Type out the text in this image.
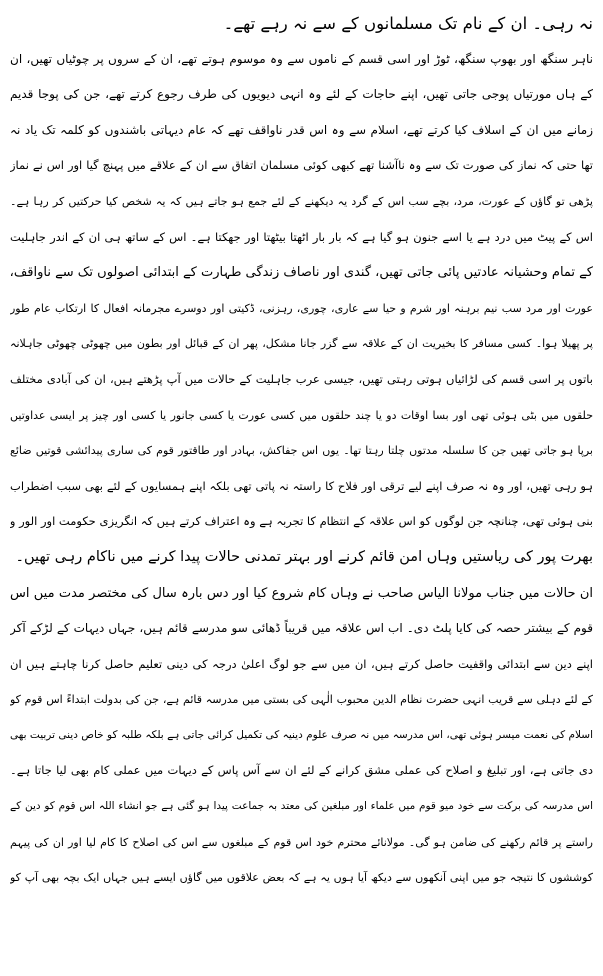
نہ رہی۔ ان کے نام تک مسلمانوں کے سے نہ رہے تھے۔
ناہر سنگھ اور بھوپ سنگھ، ٹوڑ اور اسی قسم کے ناموں سے وہ موسوم ہوتے تھے، ان کے سروں پر چوٹیاں تھیں، ان
کے ہاں مورتیاں پوجی جاتی تھیں، اپنے حاجات کے لئے وہ انہی دیویوں کی طرف رجوع کرتے تھے، جن کی پوجا قدیم
زمانے میں ان کے اسلاف کیا کرتے تھے، اسلام سے وہ اس قدر ناواقف تھے کہ عام دیہاتی باشندوں کو کلمہ تک یاد نہ
تھا حتی کہ نماز کی صورت تک سے وہ ناآشنا تھے کبھی کوئی مسلمان اتفاق سے ان کے علاقے میں پہنچ گیا اور اس نے نماز
پڑھی تو گاؤں کے عورت، مرد، بچے سب اس کے گرد یہ دیکھنے کے لئے جمع ہو جاتے ہیں کہ یہ شخص کیا حرکتیں کر رہا ہے۔
اس کے پیٹ میں درد ہے یا اسے جنون ہو گیا ہے کہ بار بار اٹھتا بیٹھتا اور جھکتا ہے۔ اس کے ساتھ ہی ان کے اندر جاہلیت
کے تمام وحشیانہ عادتیں پائی جاتی تھیں، گندی اور ناصاف زندگی طہارت کے ابتدائی اصولوں تک سے ناواقف،
عورت اور مرد سب نیم برہنہ اور شرم و حیا سے عاری، چوری، رہزنی، ڈکیتی اور دوسرے مجرمانہ افعال کا ارتکاب عام طور
پر پھیلا ہوا۔ کسی مسافر کا بخیریت ان کے علاقہ سے گزر جانا مشکل، پھر ان کے قبائل اور بطون میں چھوٹی چھوٹی جاہلانہ
باتوں پر اسی قسم کی لڑائیاں ہوتی رہتی تھیں، جیسی عرب جاہلیت کے حالات میں آپ پڑھتے ہیں، ان کی آبادی مختلف
حلقوں میں بٹی ہوئی تھی اور بسا اوقات دو یا چند حلقوں میں کسی عورت یا کسی جانور یا کسی اور چیز پر ایسی عداوتیں
برپا ہو جاتی تھیں جن کا سلسلہ مدتوں چلتا رہتا تھا۔ یوں اس جفاکش، بہادر اور طاقتور قوم کی ساری پیدائشی قوتیں ضائع
ہو رہی تھیں، اور وہ نہ صرف اپنے لیے ترقی اور فلاح کا راستہ نہ پاتی تھی بلکہ اپنے ہمسایوں کے لئے بھی سبب اضطراب
بنی ہوئی تھی، چنانچہ جن لوگوں کو اس علاقہ کے انتظام کا تجربہ ہے وہ اعتراف کرتے ہیں کہ انگریزی حکومت اور الور و
بھرت پور کی ریاستیں وہاں امن قائم کرنے اور بہتر تمدنی حالات پیدا کرنے میں ناکام رہی تھیں۔
ان حالات میں جناب مولانا الیاس صاحب نے وہاں کام شروع کیا اور دس بارہ سال کی مختصر مدت میں اس
قوم کے بیشتر حصہ کی کایا پلٹ دی۔ اب اس علاقہ میں قریباً ڈھائی سو مدرسے قائم ہیں، جہاں دیہات کے لڑکے آکر
اپنے دین سے ابتدائی واقفیت حاصل کرتے ہیں، ان میں سے جو لوگ اعلیٰ درجہ کی دینی تعلیم حاصل کرنا چاہتے ہیں ان
کے لئے دہلی سے قریب انہی حضرت نظام الدین محبوب الٰہی کی بستی میں مدرسہ قائم ہے، جن کی بدولت ابتداءً اس قوم کو
اسلام کی نعمت میسر ہوئی تھی، اس مدرسہ میں نہ صرف علوم دینیہ کی تکمیل کرائی جاتی ہے بلکہ طلبہ کو خاص دینی تربیت بھی
دی جاتی ہے، اور تبلیغ و اصلاح کی عملی مشق کرانے کے لئے ان سے آس پاس کے دیہات میں عملی کام بھی لیا جاتا ہے۔
اس مدرسہ کی برکت سے خود میو قوم میں علماء اور مبلغین کی معتد بہ جماعت پیدا ہو گئی ہے جو انشاء اللہ اس قوم کو دین کے
راستے پر قائم رکھنے کی ضامن ہو گی۔ مولانائے محترم خود اس قوم کے مبلغوں سے اس کی اصلاح کا کام لیا اور ان کی پیہم
کوششوں کا نتیجہ جو میں اپنی آنکھوں سے دیکھ آیا ہوں یہ ہے کہ بعض علاقوں میں گاؤں ایسے ہیں جہاں ایک بچہ بھی آپ کو
